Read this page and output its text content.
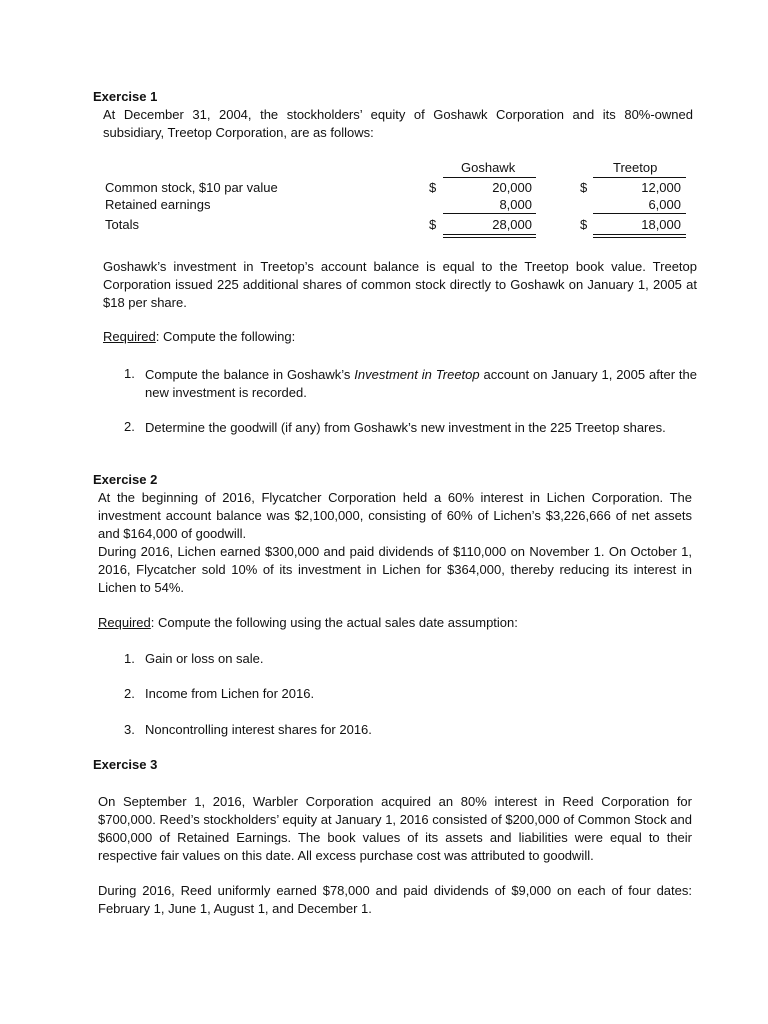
Exercise 1
At December 31, 2004, the stockholders’ equity of Goshawk Corporation and its 80%-owned subsidiary, Treetop Corporation, are as follows:
Goshawk	Treetop
Common stock, $10 par value	$	20,000	$	12,000
Retained earnings	8,000	6,000
Totals	$	28,000	$	18,000
Goshawk’s investment in Treetop’s account balance is equal to the Treetop book value. Treetop Corporation issued 225 additional shares of common stock directly to Goshawk on January 1, 2005 at $18 per share.
Required: Compute the following:
1. Compute the balance in Goshawk’s Investment in Treetop account on January 1, 2005 after the new investment is recorded.
2. Determine the goodwill (if any) from Goshawk’s new investment in the 225 Treetop shares.
Exercise 2
At the beginning of 2016, Flycatcher Corporation held a 60% interest in Lichen Corporation. The investment account balance was $2,100,000, consisting of 60% of Lichen’s $3,226,666 of net assets and $164,000 of goodwill.
During 2016, Lichen earned $300,000 and paid dividends of $110,000 on November 1. On October 1, 2016, Flycatcher sold 10% of its investment in Lichen for $364,000, thereby reducing its interest in Lichen to 54%.
Required: Compute the following using the actual sales date assumption:
1. Gain or loss on sale.
2. Income from Lichen for 2016.
3. Noncontrolling interest shares for 2016.
Exercise 3
On September 1, 2016, Warbler Corporation acquired an 80% interest in Reed Corporation for $700,000. Reed’s stockholders’ equity at January 1, 2016 consisted of $200,000 of Common Stock and $600,000 of Retained Earnings. The book values of its assets and liabilities were equal to their respective fair values on this date. All excess purchase cost was attributed to goodwill.
During 2016, Reed uniformly earned $78,000 and paid dividends of $9,000 on each of four dates: February 1, June 1, August 1, and December 1.
